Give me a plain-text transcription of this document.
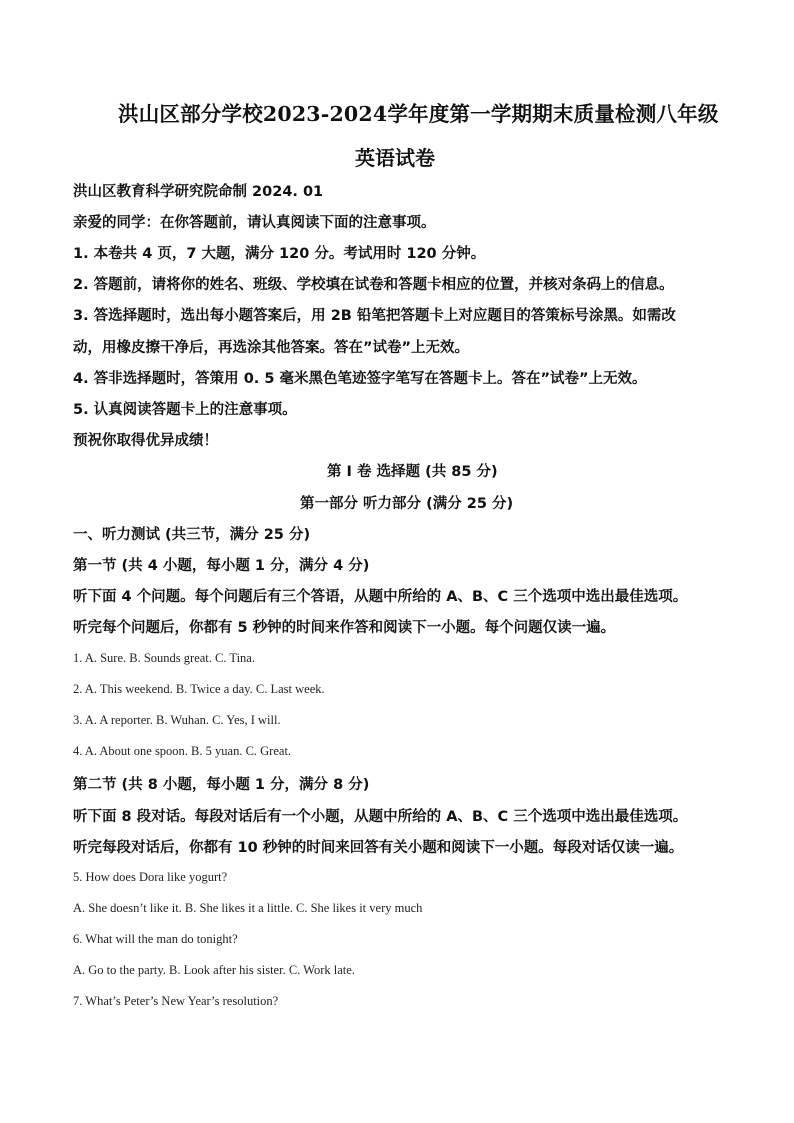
洪山区部分学校2023-2024学年度第一学期期末质量检测八年级
英语试卷
洪山区教育科学研究院命制 2024. 01
亲爱的同学：在你答题前，请认真阅读下面的注意事项。
1. 本卷共 4 页，7 大题，满分 120 分。考试用时 120 分钟。
2. 答题前，请将你的姓名、班级、学校填在试卷和答题卡相应的位置，并核对条码上的信息。
3. 答选择题时，选出每小题答案后，用 2B 铅笔把答题卡上对应题目的答策标号涂黑。如需改
动，用橡皮擦干净后，再选涂其他答案。答在”试卷”上无效。
4. 答非选择题时，答策用 0. 5 毫米黑色笔迹签字笔写在答题卡上。答在”试卷”上无效。
5. 认真阅读答题卡上的注意事项。
预祝你取得优异成绩！
第 I 卷 选择题 (共 85 分)
第一部分 听力部分 (满分 25 分)
一、听力测试 (共三节，满分 25 分)
第一节 (共 4 小题，每小题 1 分，满分 4 分)
听下面 4 个问题。每个问题后有三个答语，从题中所给的 A、B、C 三个选项中选出最佳选项。
听完每个问题后，你都有 5 秒钟的时间来作答和阅读下一小题。每个问题仅读一遍。
1. A. Sure. B. Sounds great. C. Tina.
2. A. This weekend. B. Twice a day. C. Last week.
3. A. A reporter. B. Wuhan. C. Yes, I will.
4. A. About one spoon. B. 5 yuan. C. Great.
第二节 (共 8 小题，每小题 1 分，满分 8 分)
听下面 8 段对话。每段对话后有一个小题，从题中所给的 A、B、C 三个选项中选出最佳选项。
听完每段对话后，你都有 10 秒钟的时间来回答有关小题和阅读下一小题。每段对话仅读一遍。
5. How does Dora like yogurt?
A. She doesn’t like it. B. She likes it a little. C. She likes it very much
6. What will the man do tonight?
A. Go to the party. B. Look after his sister. C. Work late.
7. What’s Peter’s New Year’s resolution?
